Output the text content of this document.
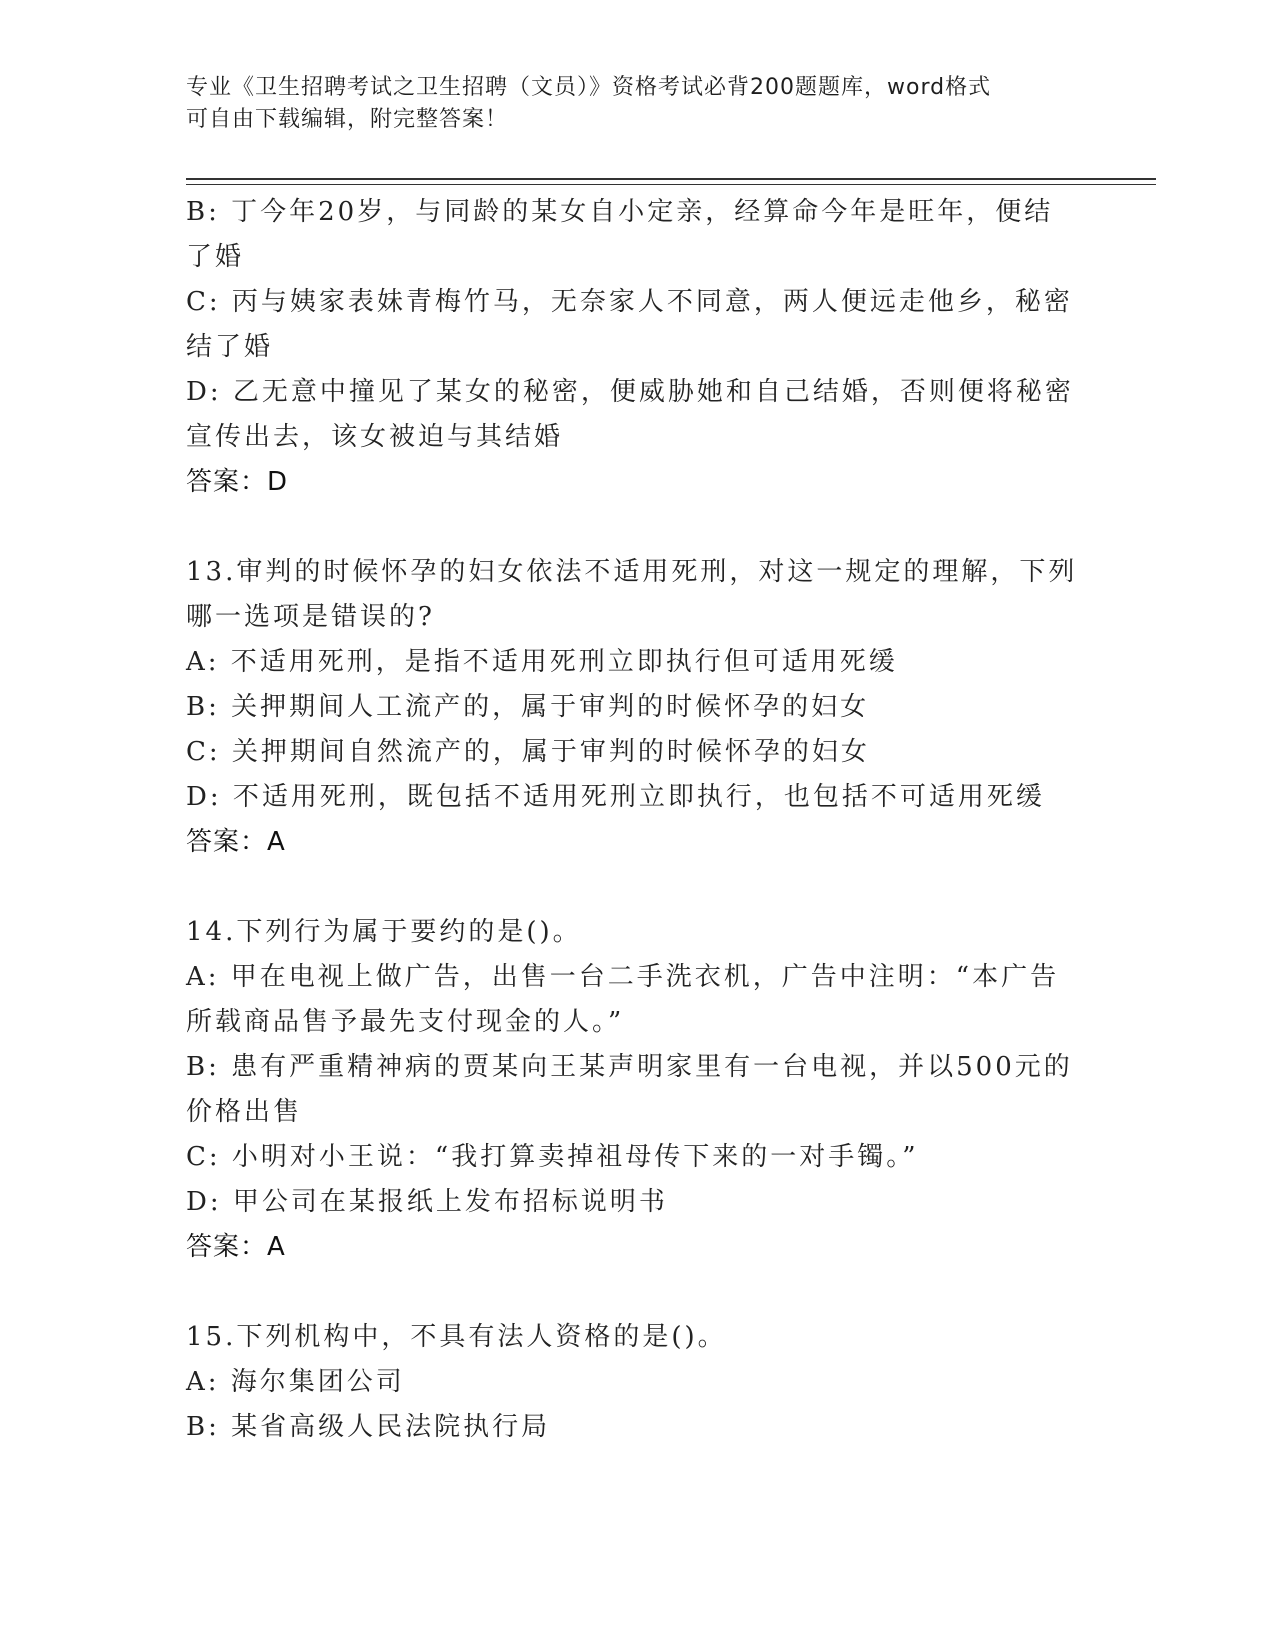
专业《卫生招聘考试之卫生招聘（文员）》资格考试必背200题题库，word格式
可自由下载编辑，附完整答案！
B: 丁今年20岁，与同龄的某女自小定亲，经算命今年是旺年，便结
了婚
C: 丙与姨家表妹青梅竹马，无奈家人不同意，两人便远走他乡，秘密
结了婚
D: 乙无意中撞见了某女的秘密，便威胁她和自己结婚，否则便将秘密
宣传出去，该女被迫与其结婚
答案：D
13.审判的时候怀孕的妇女依法不适用死刑，对这一规定的理解，下列
哪一选项是错误的?
A: 不适用死刑，是指不适用死刑立即执行但可适用死缓
B: 关押期间人工流产的，属于审判的时候怀孕的妇女
C: 关押期间自然流产的，属于审判的时候怀孕的妇女
D: 不适用死刑，既包括不适用死刑立即执行，也包括不可适用死缓
答案：A
14.下列行为属于要约的是()。
A: 甲在电视上做广告，出售一台二手洗衣机，广告中注明：“本广告
所载商品售予最先支付现金的人。”
B: 患有严重精神病的贾某向王某声明家里有一台电视，并以500元的
价格出售
C: 小明对小王说：“我打算卖掉祖母传下来的一对手镯。”
D: 甲公司在某报纸上发布招标说明书
答案：A
15.下列机构中，不具有法人资格的是()。
A: 海尔集团公司
B: 某省高级人民法院执行局
